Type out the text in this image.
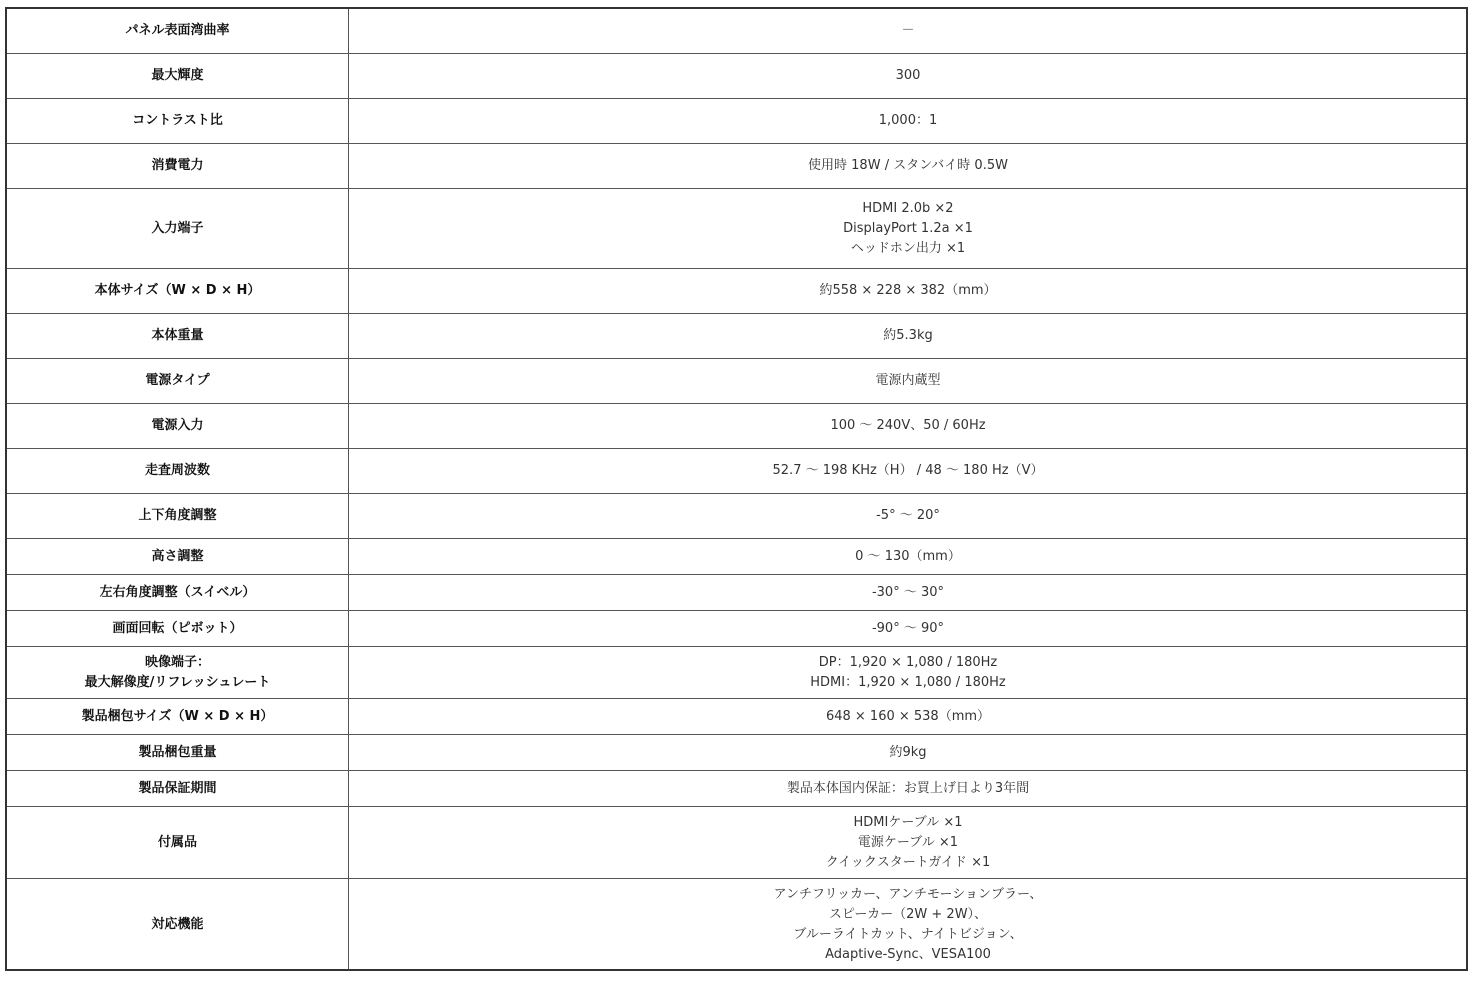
パネル表面湾曲率	－

最大輝度	300

コントラスト比	1,000：1

消費電力	使用時 18W / スタンバイ時 0.5W

入力端子	HDMI 2.0b ×2
DisplayPort 1.2a ×1
ヘッドホン出力 ×1

本体サイズ（W × D × H）	約558 × 228 × 382（mm）

本体重量	約5.3kg

電源タイプ	電源内蔵型

電源入力	100 ～ 240V、50 / 60Hz

走査周波数	52.7 ～ 198 KHz（H） / 48 ～ 180 Hz（V）

上下角度調整	-5° ～ 20°

高さ調整	0 ～ 130（mm）

左右角度調整（スイベル）	-30° ～ 30°

画面回転（ピボット）	-90° ～ 90°

映像端子：
最大解像度/リフレッシュレート	DP：1,920 × 1,080 / 180Hz
HDMI：1,920 × 1,080 / 180Hz

製品梱包サイズ（W × D × H）	648 × 160 × 538（mm）

製品梱包重量	約9kg

製品保証期間	製品本体国内保証：お買上げ日より3年間

付属品	HDMIケーブル ×1
電源ケーブル ×1
クイックスタートガイド ×1

対応機能	アンチフリッカー、アンチモーションブラー、
スピーカー（2W + 2W）、
ブルーライトカット、ナイトビジョン、
Adaptive-Sync、VESA100
